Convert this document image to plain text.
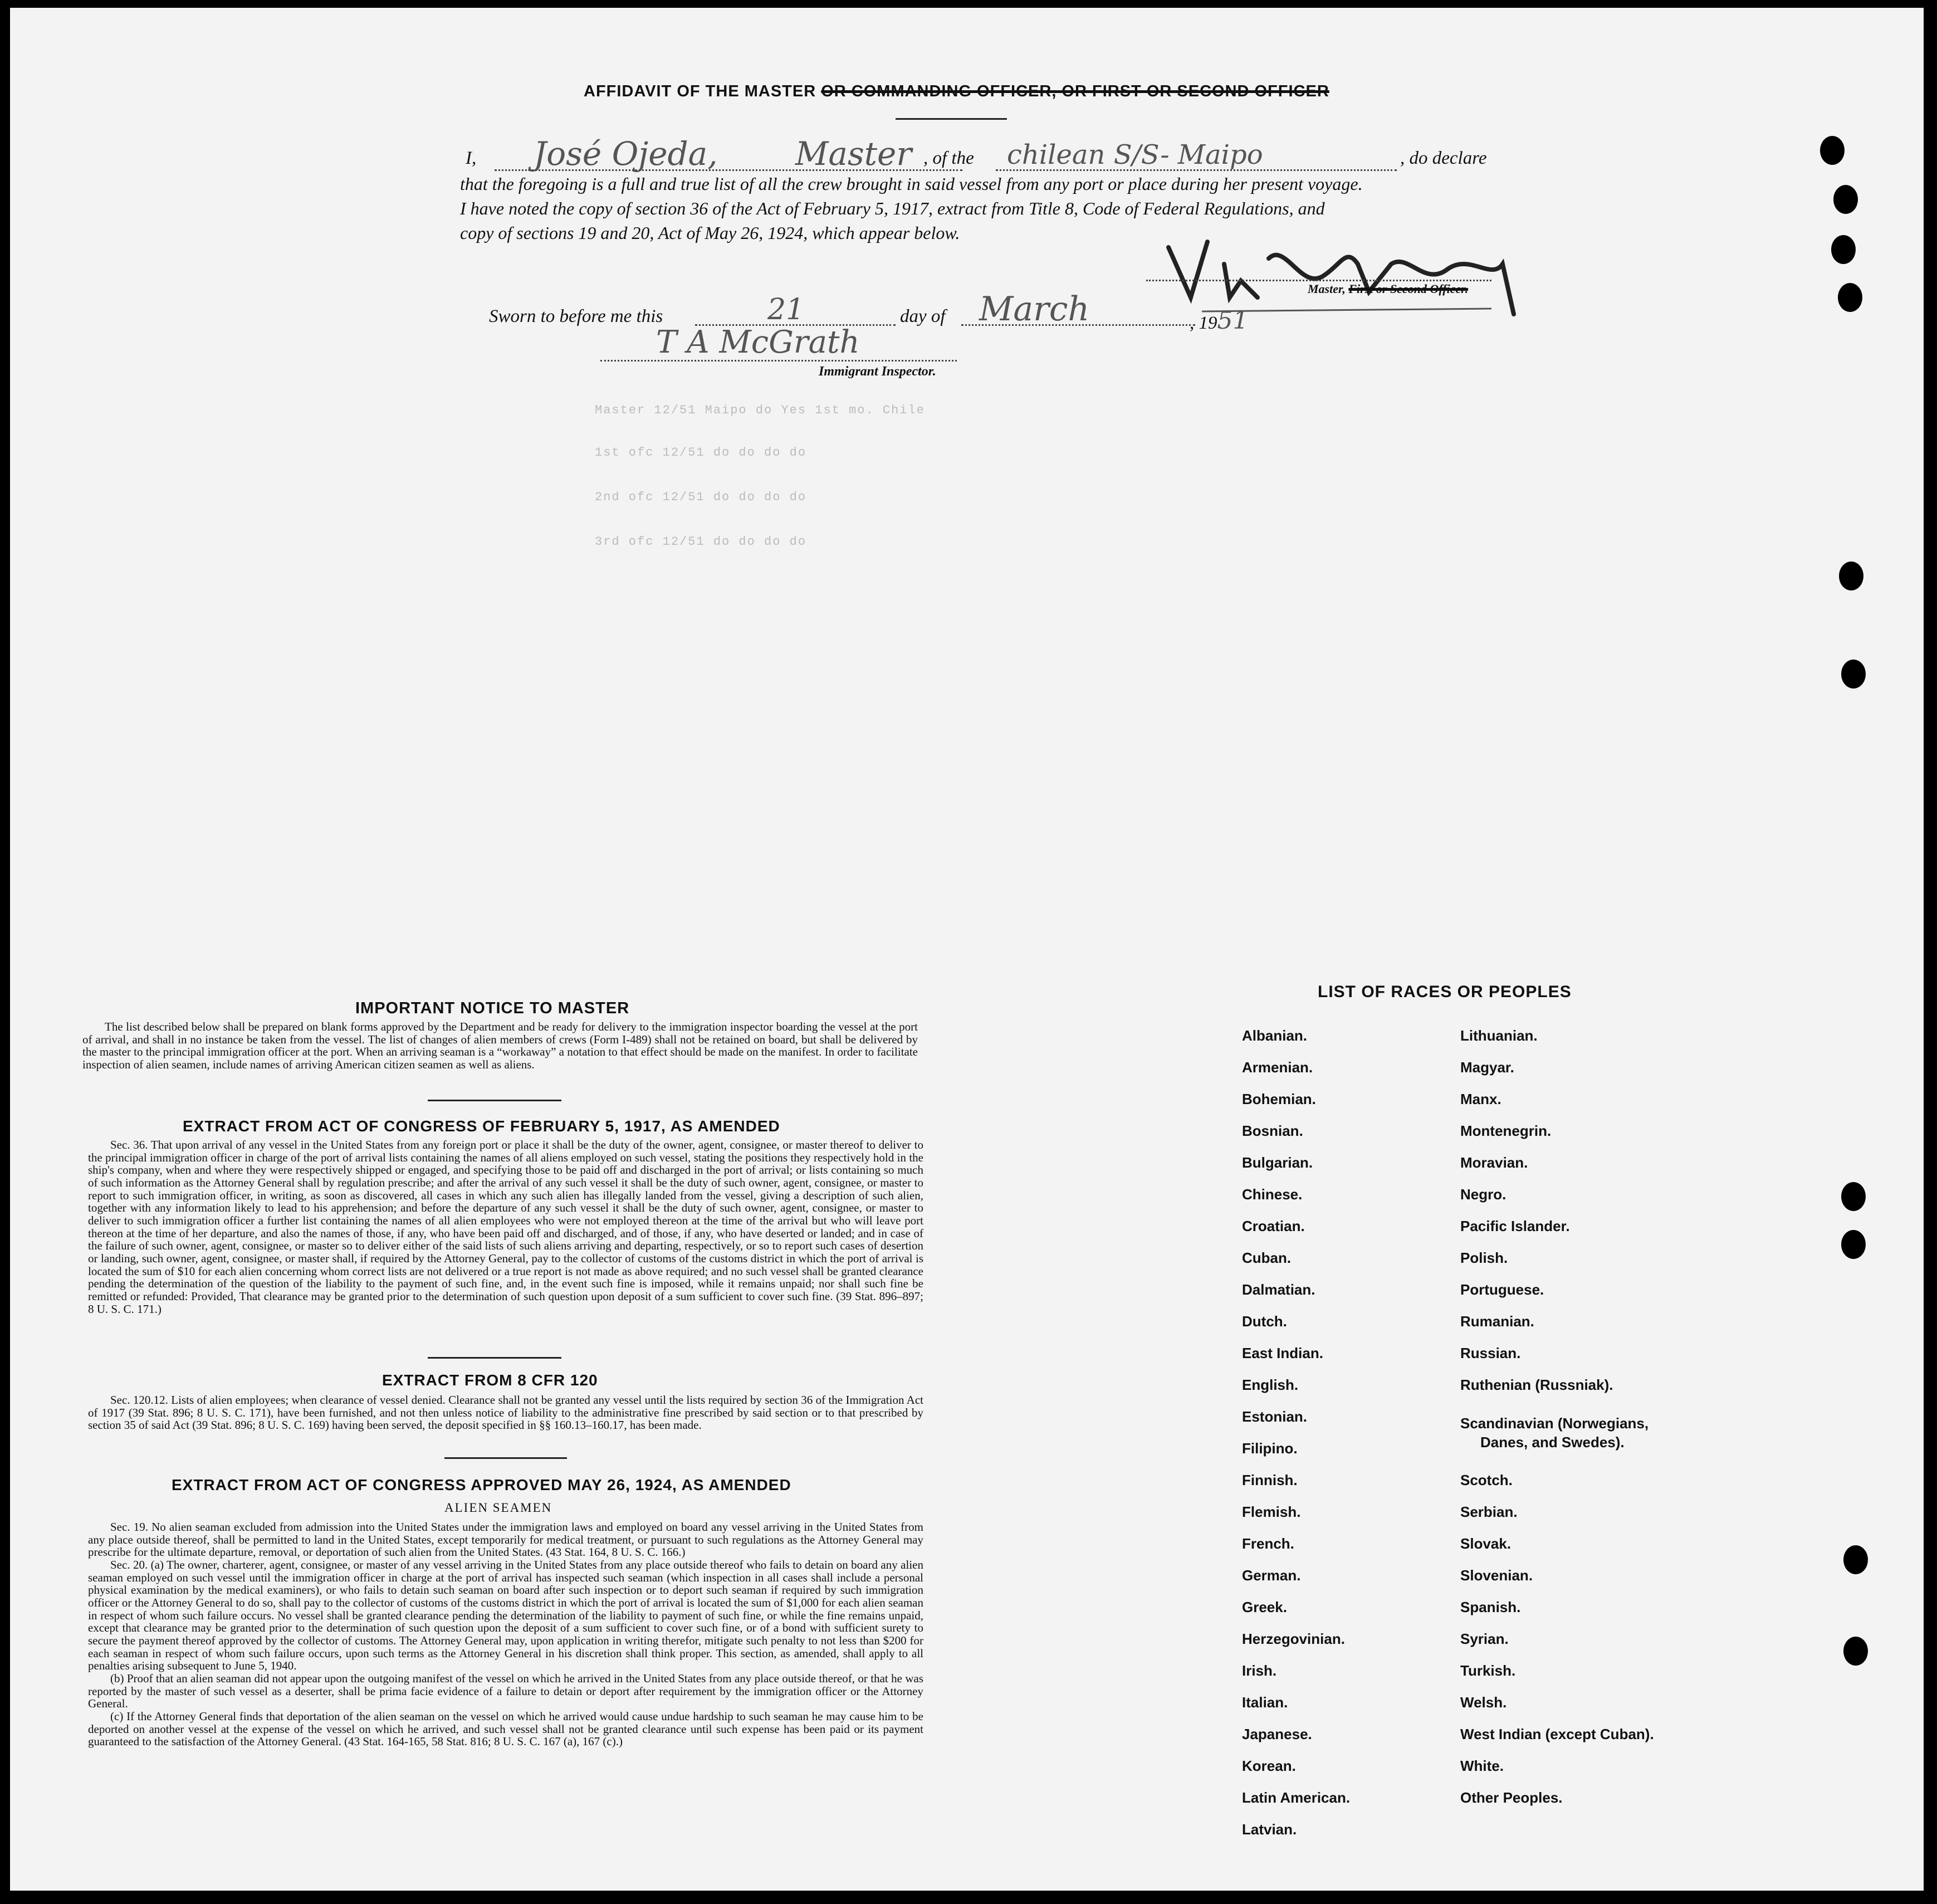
AFFIDAVIT OF THE MASTER OR COMMANDING OFFICER, OR FIRST OR SECOND OFFICER
I, José Ojeda, Master , of the chilean S/S- Maipo	, do declare
that the foregoing is a full and true list of all the crew brought in said vessel from any port or place during her present voyage.
I have noted the copy of section 36 of the Act of February 5, 1917, extract from Title 8, Code of Federal Regulations, and
copy of sections 19 and 20, Act of May 26, 1924, which appear below.
Master, First or Second Officer.
Sworn to before me this	21	day of March	, 1951
T A McGrath
Immigrant Inspector.
Master 12/51 Maipo do Yes 1st mo. Chile
1st ofc 12/51 do do do do
2nd ofc 12/51 do do do do
3rd ofc 12/51 do do do do
IMPORTANT NOTICE TO MASTER

The list described below shall be prepared on blank forms approved by the Department and be ready for delivery to the immigration inspector boarding the vessel at the port of arrival, and shall in no instance be taken from the vessel. The list of changes of alien members of crews (Form I-489) shall not be retained on board, but shall be delivered by the master to the principal immigration officer at the port. When an arriving seaman is a “workaway” a notation to that effect should be made on the manifest. In order to facilitate inspection of alien seamen, include names of arriving American citizen seamen as well as aliens.

EXTRACT FROM ACT OF CONGRESS OF FEBRUARY 5, 1917, AS AMENDED

Sec. 36. That upon arrival of any vessel in the United States from any foreign port or place it shall be the duty of the owner, agent, consignee, or master thereof to deliver to the principal immigration officer in charge of the port of arrival lists containing the names of all aliens employed on such vessel, stating the positions they respectively hold in the ship's company, when and where they were respectively shipped or engaged, and specifying those to be paid off and discharged in the port of arrival; or lists containing so much of such information as the Attorney General shall by regulation prescribe; and after the arrival of any such vessel it shall be the duty of such owner, agent, consignee, or master to report to such immigration officer, in writing, as soon as discovered, all cases in which any such alien has illegally landed from the vessel, giving a description of such alien, together with any information likely to lead to his apprehension; and before the departure of any such vessel it shall be the duty of such owner, agent, consignee, or master to deliver to such immigration officer a further list containing the names of all alien employees who were not employed thereon at the time of the arrival but who will leave port thereon at the time of her departure, and also the names of those, if any, who have been paid off and discharged, and of those, if any, who have deserted or landed; and in case of the failure of such owner, agent, consignee, or master so to deliver either of the said lists of such aliens arriving and departing, respectively, or so to report such cases of desertion or landing, such owner, agent, consignee, or master shall, if required by the Attorney General, pay to the collector of customs of the customs district in which the port of arrival is located the sum of $10 for each alien concerning whom correct lists are not delivered or a true report is not made as above required; and no such vessel shall be granted clearance pending the determination of the question of the liability to the payment of such fine, and, in the event such fine is imposed, while it remains unpaid; nor shall such fine be remitted or refunded: Provided, That clearance may be granted prior to the determination of such question upon deposit of a sum sufficient to cover such fine. (39 Stat. 896–897; 8 U. S. C. 171.)

EXTRACT FROM 8 CFR 120

Sec. 120.12. Lists of alien employees; when clearance of vessel denied. Clearance shall not be granted any vessel until the lists required by section 36 of the Immigration Act of 1917 (39 Stat. 896; 8 U. S. C. 171), have been furnished, and not then unless notice of liability to the administrative fine prescribed by said section or to that prescribed by section 35 of said Act (39 Stat. 896; 8 U. S. C. 169) having been served, the deposit specified in §§ 160.13–160.17, has been made.

EXTRACT FROM ACT OF CONGRESS APPROVED MAY 26, 1924, AS AMENDED
ALIEN SEAMEN

Sec. 19. No alien seaman excluded from admission into the United States under the immigration laws and employed on board any vessel arriving in the United States from any place outside thereof, shall be permitted to land in the United States, except temporarily for medical treatment, or pursuant to such regulations as the Attorney General may prescribe for the ultimate departure, removal, or deportation of such alien from the United States. (43 Stat. 164, 8 U. S. C. 166.)

Sec. 20. (a) The owner, charterer, agent, consignee, or master of any vessel arriving in the United States from any place outside thereof who fails to detain on board any alien seaman employed on such vessel until the immigration officer in charge at the port of arrival has inspected such seaman (which inspection in all cases shall include a personal physical examination by the medical examiners), or who fails to detain such seaman on board after such inspection or to deport such seaman if required by such immigration officer or the Attorney General to do so, shall pay to the collector of customs of the customs district in which the port of arrival is located the sum of $1,000 for each alien seaman in respect of whom such failure occurs. No vessel shall be granted clearance pending the determination of the liability to payment of such fine, or while the fine remains unpaid, except that clearance may be granted prior to the determination of such question upon the deposit of a sum sufficient to cover such fine, or of a bond with sufficient surety to secure the payment thereof approved by the collector of customs. The Attorney General may, upon application in writing therefor, mitigate such penalty to not less than $200 for each seaman in respect of whom such failure occurs, upon such terms as the Attorney General in his discretion shall think proper. This section, as amended, shall apply to all penalties arising subsequent to June 5, 1940.

(b) Proof that an alien seaman did not appear upon the outgoing manifest of the vessel on which he arrived in the United States from any place outside thereof, or that he was reported by the master of such vessel as a deserter, shall be prima facie evidence of a failure to detain or deport after requirement by the immigration officer or the Attorney General.

(c) If the Attorney General finds that deportation of the alien seaman on the vessel on which he arrived would cause undue hardship to such seaman he may cause him to be deported on another vessel at the expense of the vessel on which he arrived, and such vessel shall not be granted clearance until such expense has been paid or its payment guaranteed to the satisfaction of the Attorney General. (43 Stat. 164-165, 58 Stat. 816; 8 U. S. C. 167 (a), 167 (c).)

LIST OF RACES OR PEOPLES
Albanian.
Armenian.
Bohemian.
Bosnian.
Bulgarian.
Chinese.
Croatian.
Cuban.
Dalmatian.
Dutch.
East Indian.
English.
Estonian.
Filipino.
Finnish.
Flemish.
French.
German.
Greek.
Herzegovinian.
Irish.
Italian.
Japanese.
Korean.
Latin American.
Latvian.
Lithuanian.
Magyar.
Manx.
Montenegrin.
Moravian.
Negro.
Pacific Islander.
Polish.
Portuguese.
Rumanian.
Russian.
Ruthenian (Russniak).
Scandinavian (Norwegians,
Danes, and Swedes).
Scotch.
Serbian.
Slovak.
Slovenian.
Spanish.
Syrian.
Turkish.
Welsh.
West Indian (except Cuban).
White.
Other Peoples.
